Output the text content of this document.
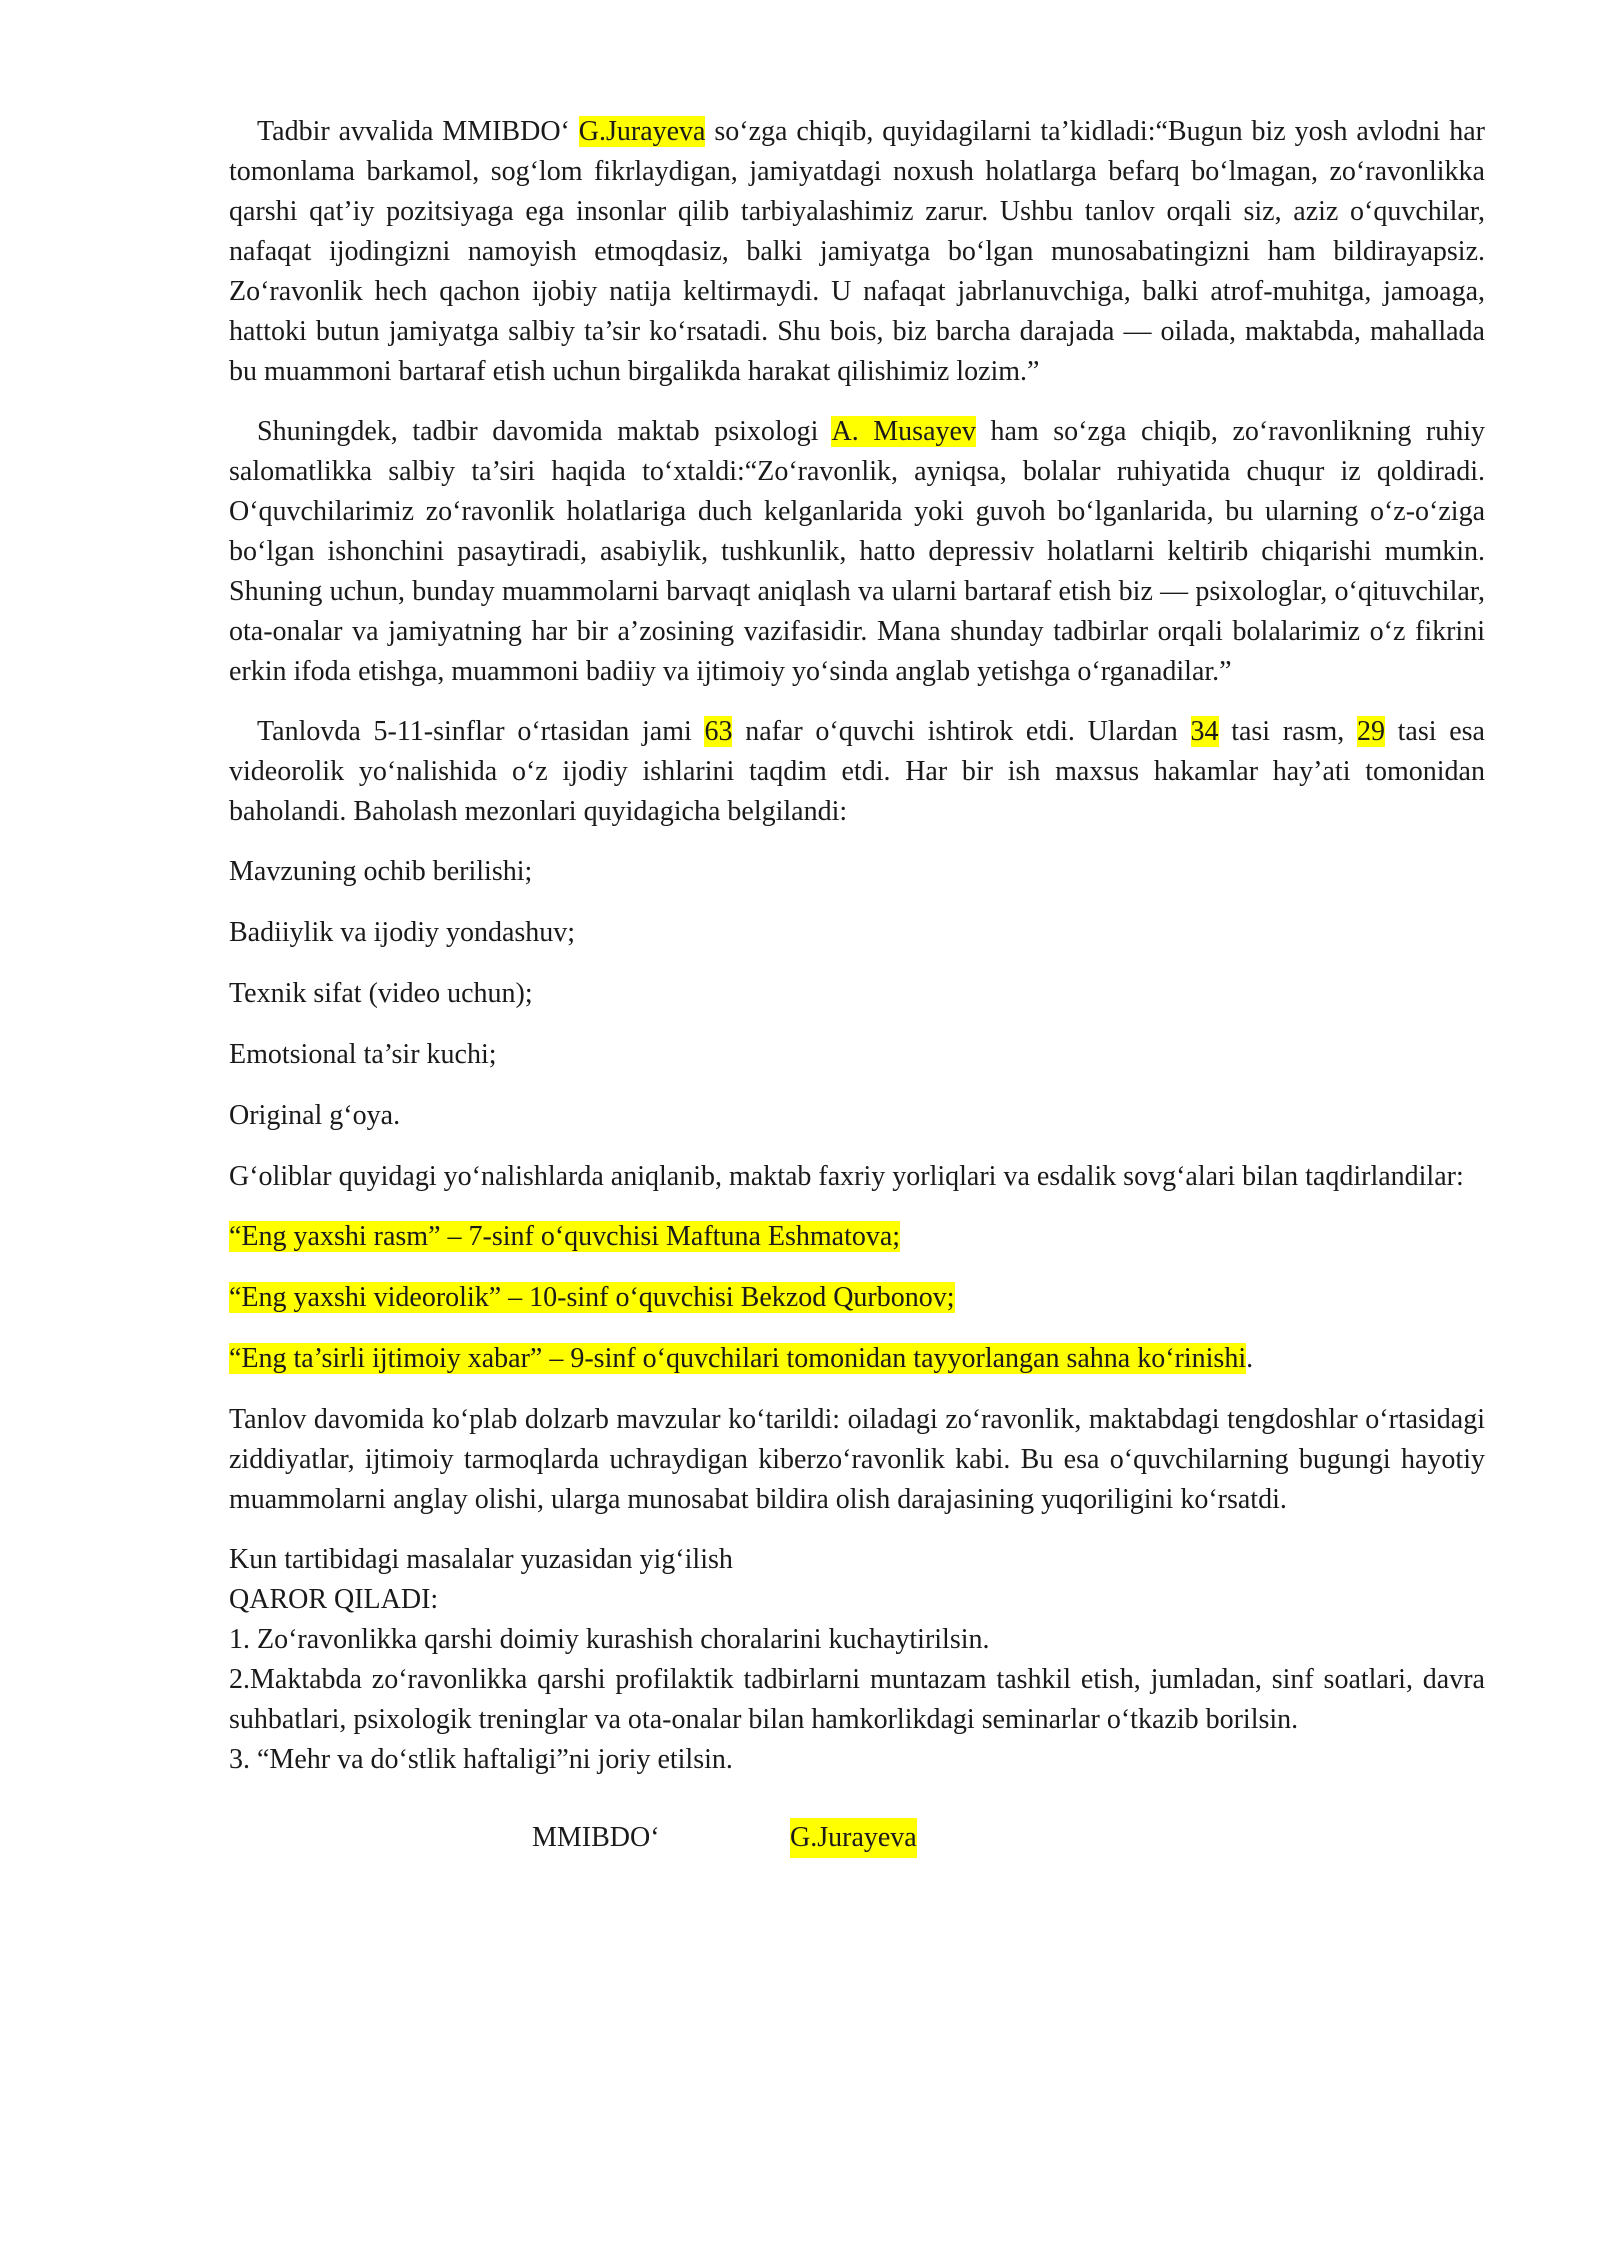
Tadbir avvalida MMIBDO‘ G.Jurayeva so‘zga chiqib, quyidagilarni ta’kidladi:“Bugun biz yosh avlodni har tomonlama barkamol, sog‘lom fikrlaydigan, jamiyatdagi noxush holatlarga befarq bo‘lmagan, zo‘ravonlikka qarshi qat’iy pozitsiyaga ega insonlar qilib tarbiyalashimiz zarur. Ushbu tanlov orqali siz, aziz o‘quvchilar, nafaqat ijodingizni namoyish etmoqdasiz, balki jamiyatga bo‘lgan munosabatingizni ham bildirayapsiz. Zo‘ravonlik hech qachon ijobiy natija keltirmaydi. U nafaqat jabrlanuvchiga, balki atrof-muhitga, jamoaga, hattoki butun jamiyatga salbiy ta’sir ko‘rsatadi. Shu bois, biz barcha darajada — oilada, maktabda, mahallada bu muammoni bartaraf etish uchun birgalikda harakat qilishimiz lozim.”

Shuningdek, tadbir davomida maktab psixologi A. Musayev ham so‘zga chiqib, zo‘ravonlikning ruhiy salomatlikka salbiy ta’siri haqida to‘xtaldi:“Zo‘ravonlik, ayniqsa, bolalar ruhiyatida chuqur iz qoldiradi. O‘quvchilarimiz zo‘ravonlik holatlariga duch kelganlarida yoki guvoh bo‘lganlarida, bu ularning o‘z-o‘ziga bo‘lgan ishonchini pasaytiradi, asabiylik, tushkunlik, hatto depressiv holatlarni keltirib chiqarishi mumkin. Shuning uchun, bunday muammolarni barvaqt aniqlash va ularni bartaraf etish biz — psixologlar, o‘qituvchilar, ota-onalar va jamiyatning har bir a’zosining vazifasidir. Mana shunday tadbirlar orqali bolalarimiz o‘z fikrini erkin ifoda etishga, muammoni badiiy va ijtimoiy yo‘sinda anglab yetishga o‘rganadilar.”

Tanlovda 5-11-sinflar o‘rtasidan jami 63 nafar o‘quvchi ishtirok etdi. Ulardan 34 tasi rasm, 29 tasi esa videorolik yo‘nalishida o‘z ijodiy ishlarini taqdim etdi. Har bir ish maxsus hakamlar hay’ati tomonidan baholandi. Baholash mezonlari quyidagicha belgilandi:

Mavzuning ochib berilishi;

Badiiylik va ijodiy yondashuv;

Texnik sifat (video uchun);

Emotsional ta’sir kuchi;

Original g‘oya.

G‘oliblar quyidagi yo‘nalishlarda aniqlanib, maktab faxriy yorliqlari va esdalik sovg‘alari bilan taqdirlandilar:

“Eng yaxshi rasm” – 7-sinf o‘quvchisi Maftuna Eshmatova;

“Eng yaxshi videorolik” – 10-sinf o‘quvchisi Bekzod Qurbonov;

“Eng ta’sirli ijtimoiy xabar” – 9-sinf o‘quvchilari tomonidan tayyorlangan sahna ko‘rinishi.

Tanlov davomida ko‘plab dolzarb mavzular ko‘tarildi: oiladagi zo‘ravonlik, maktabdagi tengdoshlar o‘rtasidagi ziddiyatlar, ijtimoiy tarmoqlarda uchraydigan kiberzo‘ravonlik kabi. Bu esa o‘quvchilarning bugungi hayotiy muammolarni anglay olishi, ularga munosabat bildira olish darajasining yuqoriligini ko‘rsatdi.

Kun tartibidagi masalalar yuzasidan yig‘ilish

QAROR QILADI:

1. Zo‘ravonlikka qarshi doimiy kurashish choralarini kuchaytirilsin.

2.Maktabda zo‘ravonlikka qarshi profilaktik tadbirlarni muntazam tashkil etish, jumladan, sinf soatlari, davra suhbatlari, psixologik treninglar va ota-onalar bilan hamkorlikdagi seminarlar o‘tkazib borilsin.

3. “Mehr va do‘stlik haftaligi”ni joriy etilsin.

MMIBDO‘	G.Jurayeva
